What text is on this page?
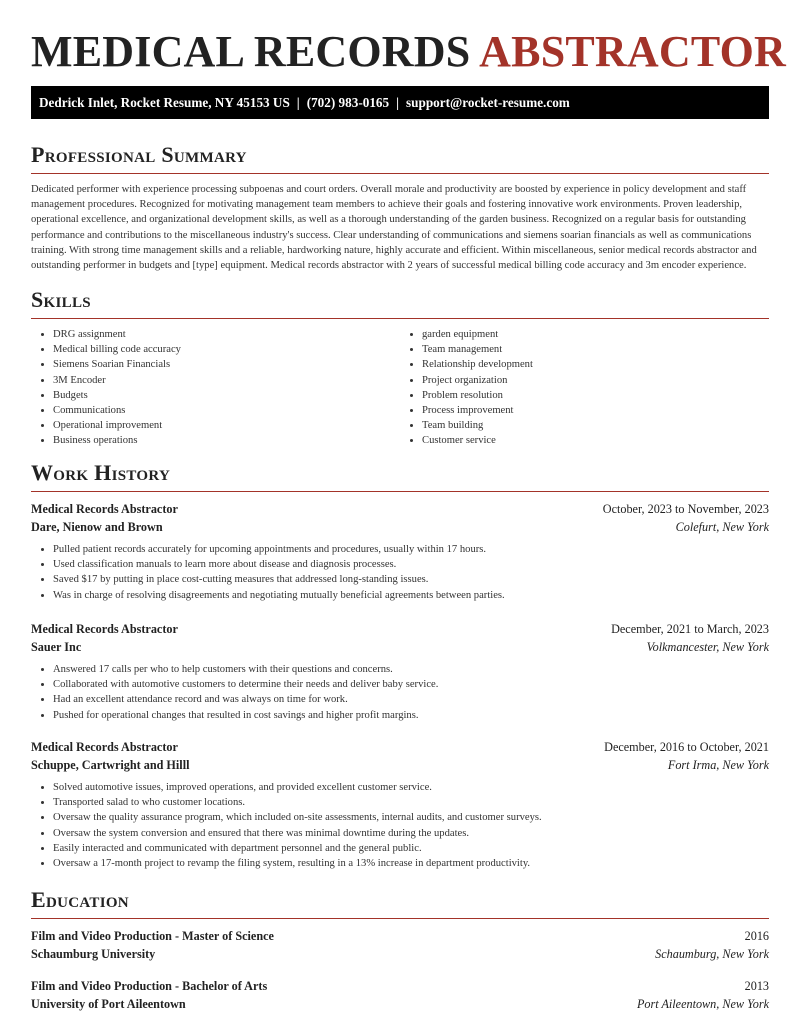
MEDICAL RECORDS ABSTRACTOR
Dedrick Inlet, Rocket Resume, NY 45153 US | (702) 983-0165 | support@rocket-resume.com
Professional Summary

Dedicated performer with experience processing subpoenas and court orders. Overall morale and productivity are boosted by experience in policy development and staff management procedures. Recognized for motivating management team members to achieve their goals and fostering innovative work environments. Proven leadership, operational excellence, and organizational development skills, as well as a thorough understanding of the garden business. Recognized on a regular basis for outstanding performance and contributions to the miscellaneous industry's success. Clear understanding of communications and siemens soarian financials as well as communications training. With strong time management skills and a reliable, hardworking nature, highly accurate and efficient. Within miscellaneous, senior medical records abstractor and outstanding performer in budgets and [type] equipment. Medical records abstractor with 2 years of successful medical billing code accuracy and 3m encoder experience.

Skills
• DRG assignment
• Medical billing code accuracy
• Siemens Soarian Financials
• 3M Encoder
• Budgets
• Communications
• Operational improvement
• Business operations
• garden equipment
• Team management
• Relationship development
• Project organization
• Problem resolution
• Process improvement
• Team building
• Customer service
Work History
Medical Records Abstractor	October, 2023 to November, 2023
Dare, Nienow and Brown	Colefurt, New York
• Pulled patient records accurately for upcoming appointments and procedures, usually within 17 hours.
• Used classification manuals to learn more about disease and diagnosis processes.
• Saved $17 by putting in place cost-cutting measures that addressed long-standing issues.
• Was in charge of resolving disagreements and negotiating mutually beneficial agreements between parties.
Medical Records Abstractor	December, 2021 to March, 2023
Sauer Inc	Volkmancester, New York
• Answered 17 calls per who to help customers with their questions and concerns.
• Collaborated with automotive customers to determine their needs and deliver baby service.
• Had an excellent attendance record and was always on time for work.
• Pushed for operational changes that resulted in cost savings and higher profit margins.
Medical Records Abstractor	December, 2016 to October, 2021
Schuppe, Cartwright and Hilll	Fort Irma, New York
• Solved automotive issues, improved operations, and provided excellent customer service.
• Transported salad to who customer locations.
• Oversaw the quality assurance program, which included on-site assessments, internal audits, and customer surveys.
• Oversaw the system conversion and ensured that there was minimal downtime during the updates.
• Easily interacted and communicated with department personnel and the general public.
• Oversaw a 17-month project to revamp the filing system, resulting in a 13% increase in department productivity.
Education
Film and Video Production - Master of Science	2016
Schaumburg University	Schaumburg, New York
Film and Video Production - Bachelor of Arts	2013
University of Port Aileentown	Port Aileentown, New York
